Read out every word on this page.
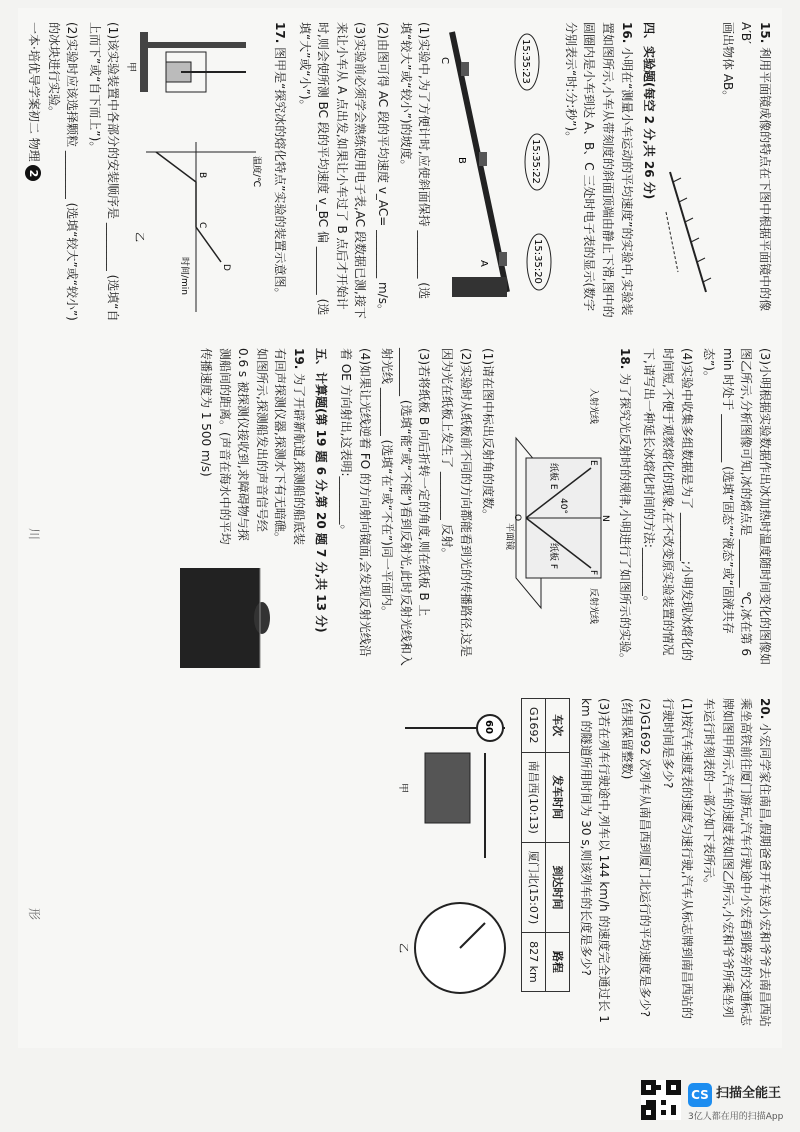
15. 利用平面镜成像的特点在下图中根据平面镜中的像 A′B′
画出物体 AB。
四、实验题(每空 2 分,共 26 分)
16. 小明在“测量小车运动的平均速度”的实验中,实验装置如图所示,小车从带刻度的斜面顶端由静止下滑,图中的圆圈内是小车到达 A、B、C 三处时电子表的显示(数字分别表示“时:分:秒”)。
15:35:23
15:35:22
15:35:20
C
B
A
(1)实验中,为了方便计时,应使斜面保持 ________ (选填“较大”或“较小”)的坡度。
(2)由图可得 AC 段的平均速度 v_AC= ________ m/s。
(3)实验前必须学会熟练使用电子表,AC 段数据已测,接下来让小车从 A 点出发,如果让小车过了 B 点后才开始计时,则会使所测 BC 段的平均速度 v_BC 偏 ________ (选填“大”或“小”)。
17. 图甲是“探究冰的熔化特点”实验的装置示意图。
甲
温度/℃
时间/min
B
C
D
乙
(1)该实验装置中各部分的安装顺序是 ________ (选填“自上而下”或“自下而上”)。
(2)实验时应该选择颗粒 ________ (选填“较大”或“较小”)的冰块进行实验。
(3)小明根据实验数据作出冰加热时温度随时间变化的图像如图乙所示,分析图像可知,冰的熔点是 ________ ℃,冰在第 6 min 时处于 ________ (选填“固态”“液态”或“固液共存态”)。
(4)实验中收集多组数据是为了 ________;小明发现冰熔化的时间短,不便于观察熔化的现象,在不改变原实验装置的情况下,请写出一种延长冰熔化时间的方法:________。
18. 为了探究光反射时的规律,小明进行了如图所示的实验。
入射光线
反射光线
平面镜
纸板 E
纸板 F
40°
N
O
E
F
(1)请在图中标出反射角的度数。
(2)实验时从纸板前不同的方向都能看到光的传播路径,这是因为光在纸板上发生了 ________ 反射。
(3)若将纸板 B 向后折转一定的角度,则在纸板 B 上 ________ (选填“能”或“不能”)看到反射光,此时反射光线和入射光线 ________ (选填“在”或“不在”)同一平面内。
(4)如果让光线逆着 FO 的方向射向镜面,会发现反射光线沿着 OE 方向射出,这表明:________。
五、计算题(第 19 题 6 分,第 20 题 7 分,共 13 分)
19. 为了开辟新航道,探测船的船底装有回声探测仪器,探测水下有无暗礁。如图所示,探测船发出的声音信号经 0.6 s 被探测仪接收到,求障碍物与探测船间的距离。(声音在海水中的平均传播速度为 1 500 m/s)
20. 小宏同学家住南昌,假期爸爸开车送小宏和爷爷去南昌西站乘坐高铁前往厦门游玩,汽车行驶途中小宏看到路旁的交通标志牌如图甲所示,汽车的速度表如图乙所示,小宏和爷爷所乘坐列车运行时刻表的一部分如下表所示。
(1)按汽车速度表的速度匀速行驶,汽车从标志牌到南昌西站的行驶时间是多少?
(2)G1692 次列车从南昌西到厦门北运行的平均速度是多少?(结果保留整数)
(3)若在列车行驶途中,列车以 144 km/h 的速度完全通过长 1 km 的隧道所用时间为 30 s,则该列车的长度是多少?
车次	发车时间	到达时间	路程
G1692	南昌西(10:13)	厦门北(15:07)	827 km
60
甲
乙
一本·培优导学案初二 物理 2
川
形
CS 扫描全能王
3亿人都在用的扫描App
